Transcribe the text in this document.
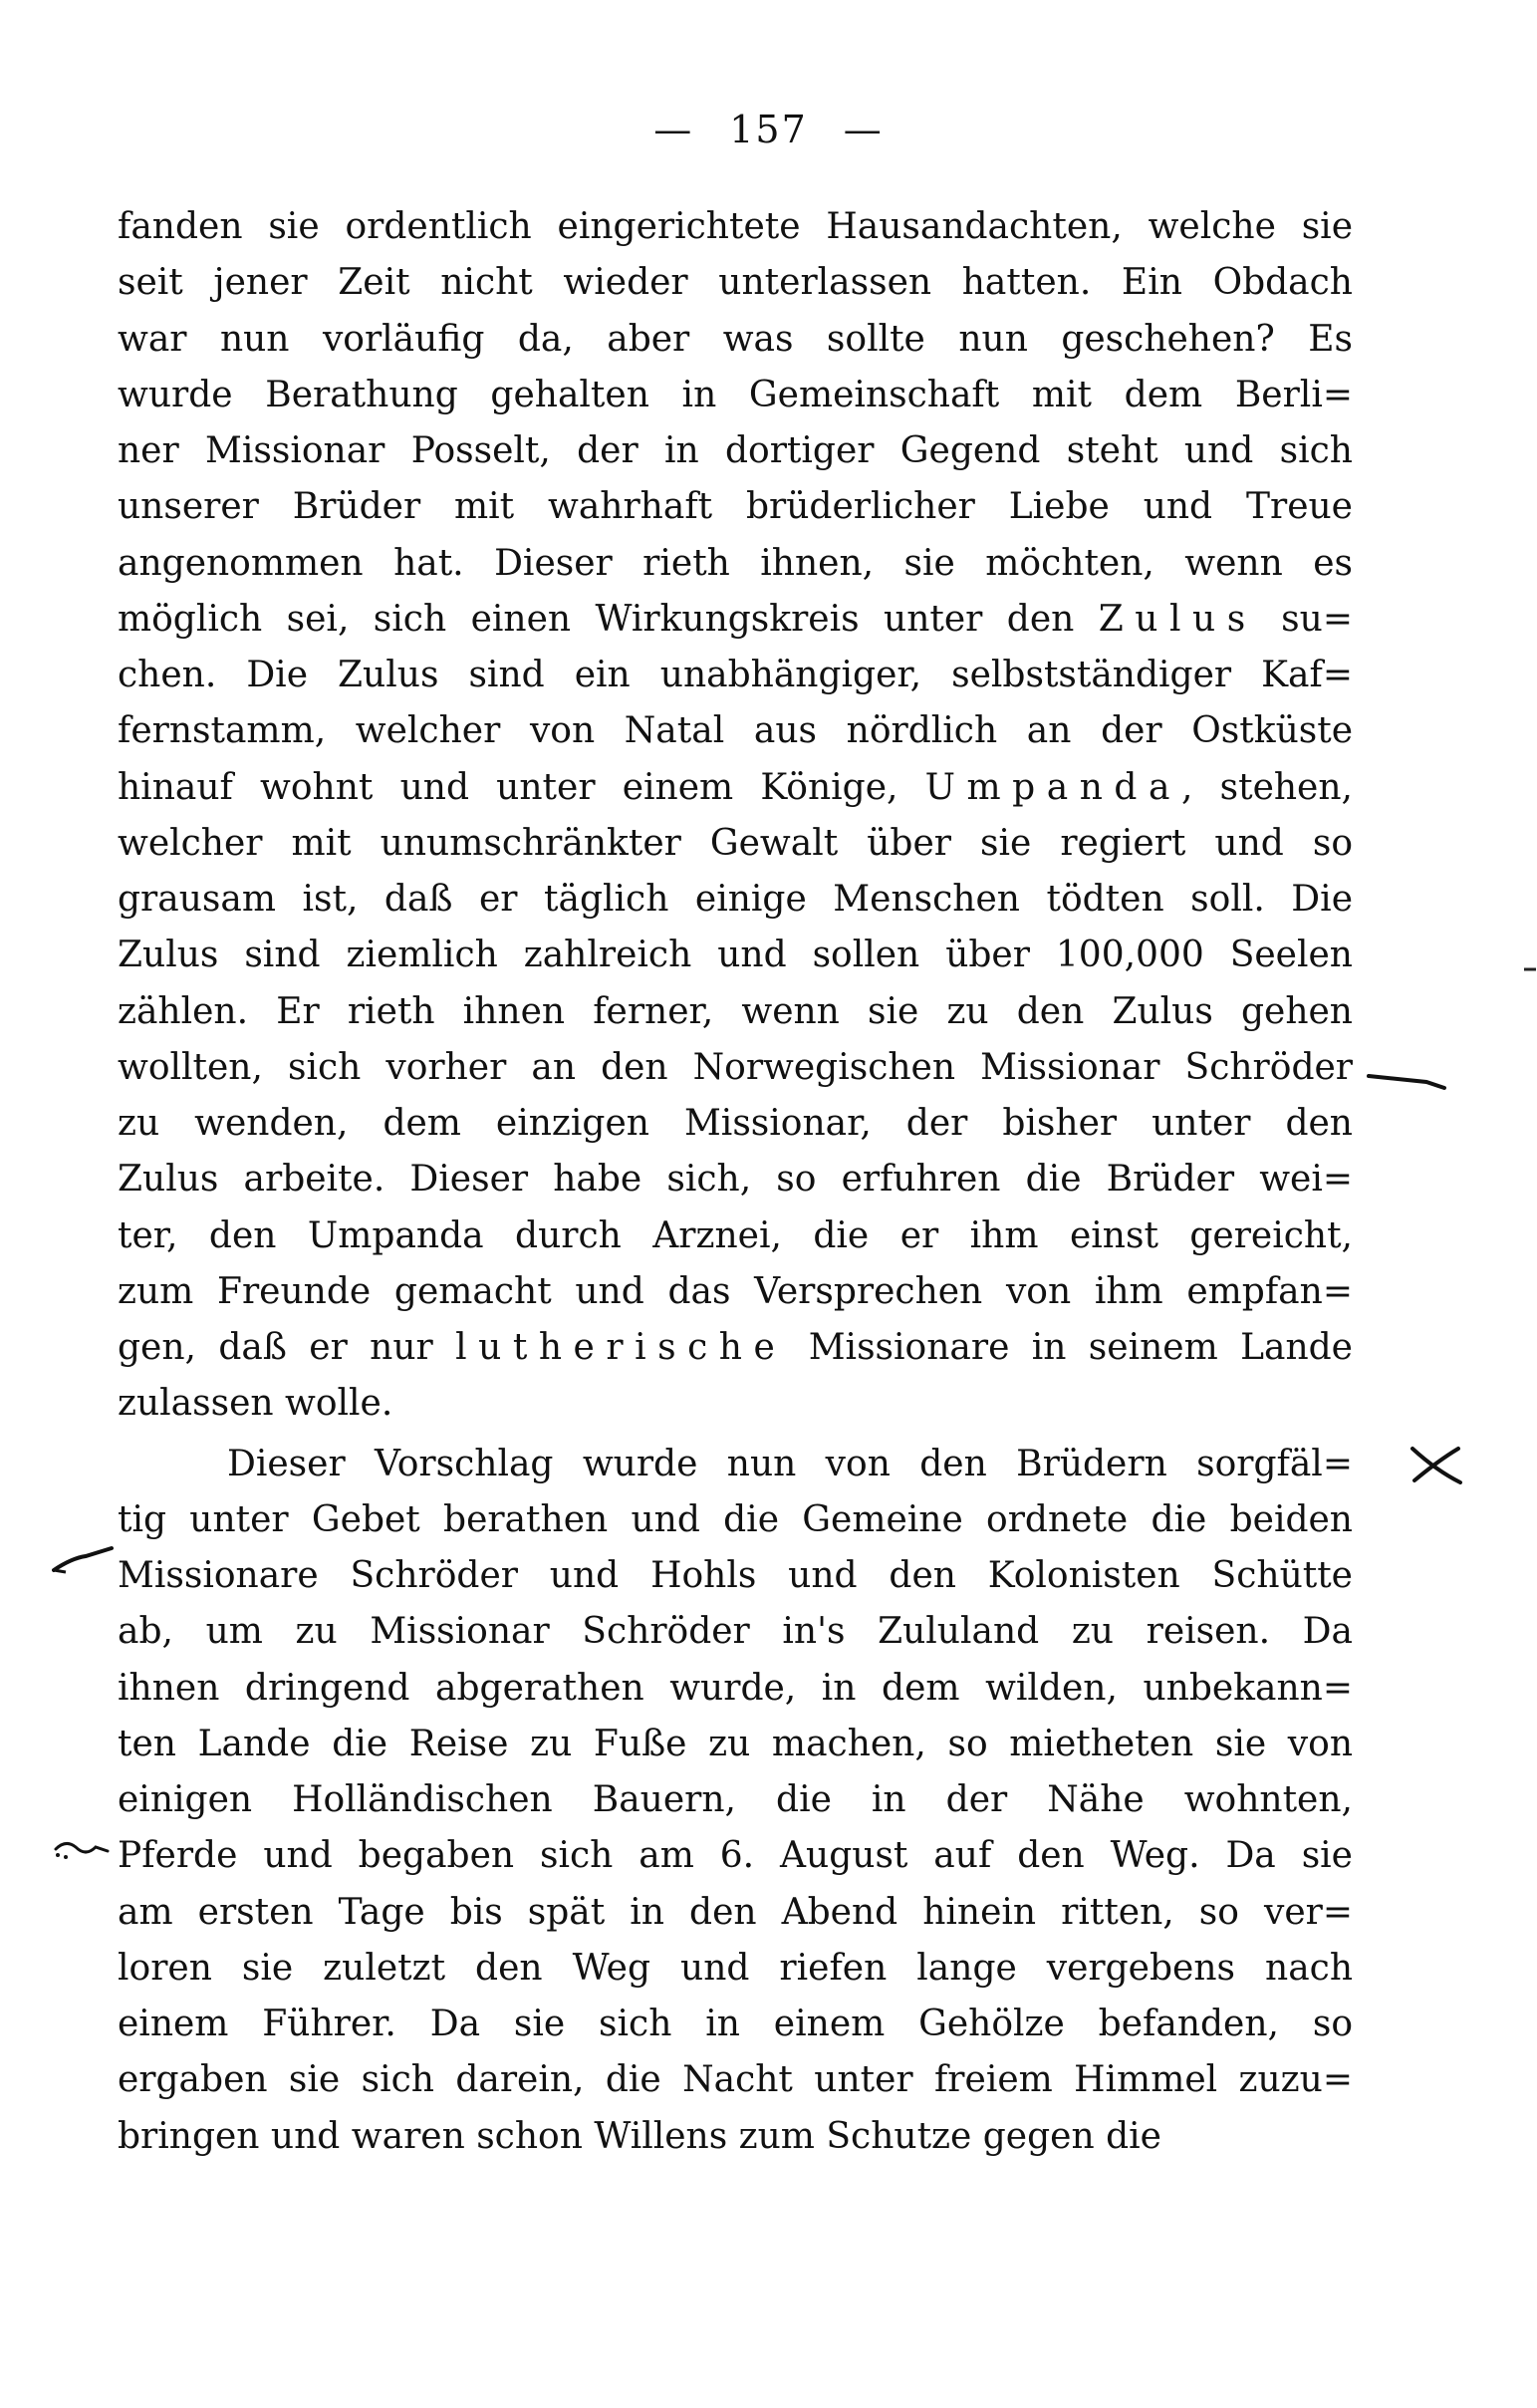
— 157 —
fanden sie ordentlich eingerichtete Hausandachten, welche sie
seit jener Zeit nicht wieder unterlassen hatten. Ein Obdach
war nun vorläufig da, aber was sollte nun geschehen? Es
wurde Berathung gehalten in Gemeinschaft mit dem Berli=
ner Missionar Posselt, der in dortiger Gegend steht und sich
unserer Brüder mit wahrhaft brüderlicher Liebe und Treue
angenommen hat. Dieser rieth ihnen, sie möchten, wenn es
möglich sei, sich einen Wirkungskreis unter den Zulus su=
chen. Die Zulus sind ein unabhängiger, selbstständiger Kaf=
fernstamm, welcher von Natal aus nördlich an der Ostküste
hinauf wohnt und unter einem Könige, Umpanda, stehen,
welcher mit unumschränkter Gewalt über sie regiert und so
grausam ist, daß er täglich einige Menschen tödten soll. Die
Zulus sind ziemlich zahlreich und sollen über 100,000 Seelen
zählen. Er rieth ihnen ferner, wenn sie zu den Zulus gehen
wollten, sich vorher an den Norwegischen Missionar Schröder
zu wenden, dem einzigen Missionar, der bisher unter den
Zulus arbeite. Dieser habe sich, so erfuhren die Brüder wei=
ter, den Umpanda durch Arznei, die er ihm einst gereicht,
zum Freunde gemacht und das Versprechen von ihm empfan=
gen, daß er nur lutherische Missionare in seinem Lande
zulassen wolle.
Dieser Vorschlag wurde nun von den Brüdern sorgfäl=
tig unter Gebet berathen und die Gemeine ordnete die beiden
Missionare Schröder und Hohls und den Kolonisten Schütte
ab, um zu Missionar Schröder in's Zululand zu reisen. Da
ihnen dringend abgerathen wurde, in dem wilden, unbekann=
ten Lande die Reise zu Fuße zu machen, so mietheten sie von
einigen Holländischen Bauern, die in der Nähe wohnten,
Pferde und begaben sich am 6. August auf den Weg. Da sie
am ersten Tage bis spät in den Abend hinein ritten, so ver=
loren sie zuletzt den Weg und riefen lange vergebens nach
einem Führer. Da sie sich in einem Gehölze befanden, so
ergaben sie sich darein, die Nacht unter freiem Himmel zuzu=
bringen und waren schon Willens zum Schutze gegen die
